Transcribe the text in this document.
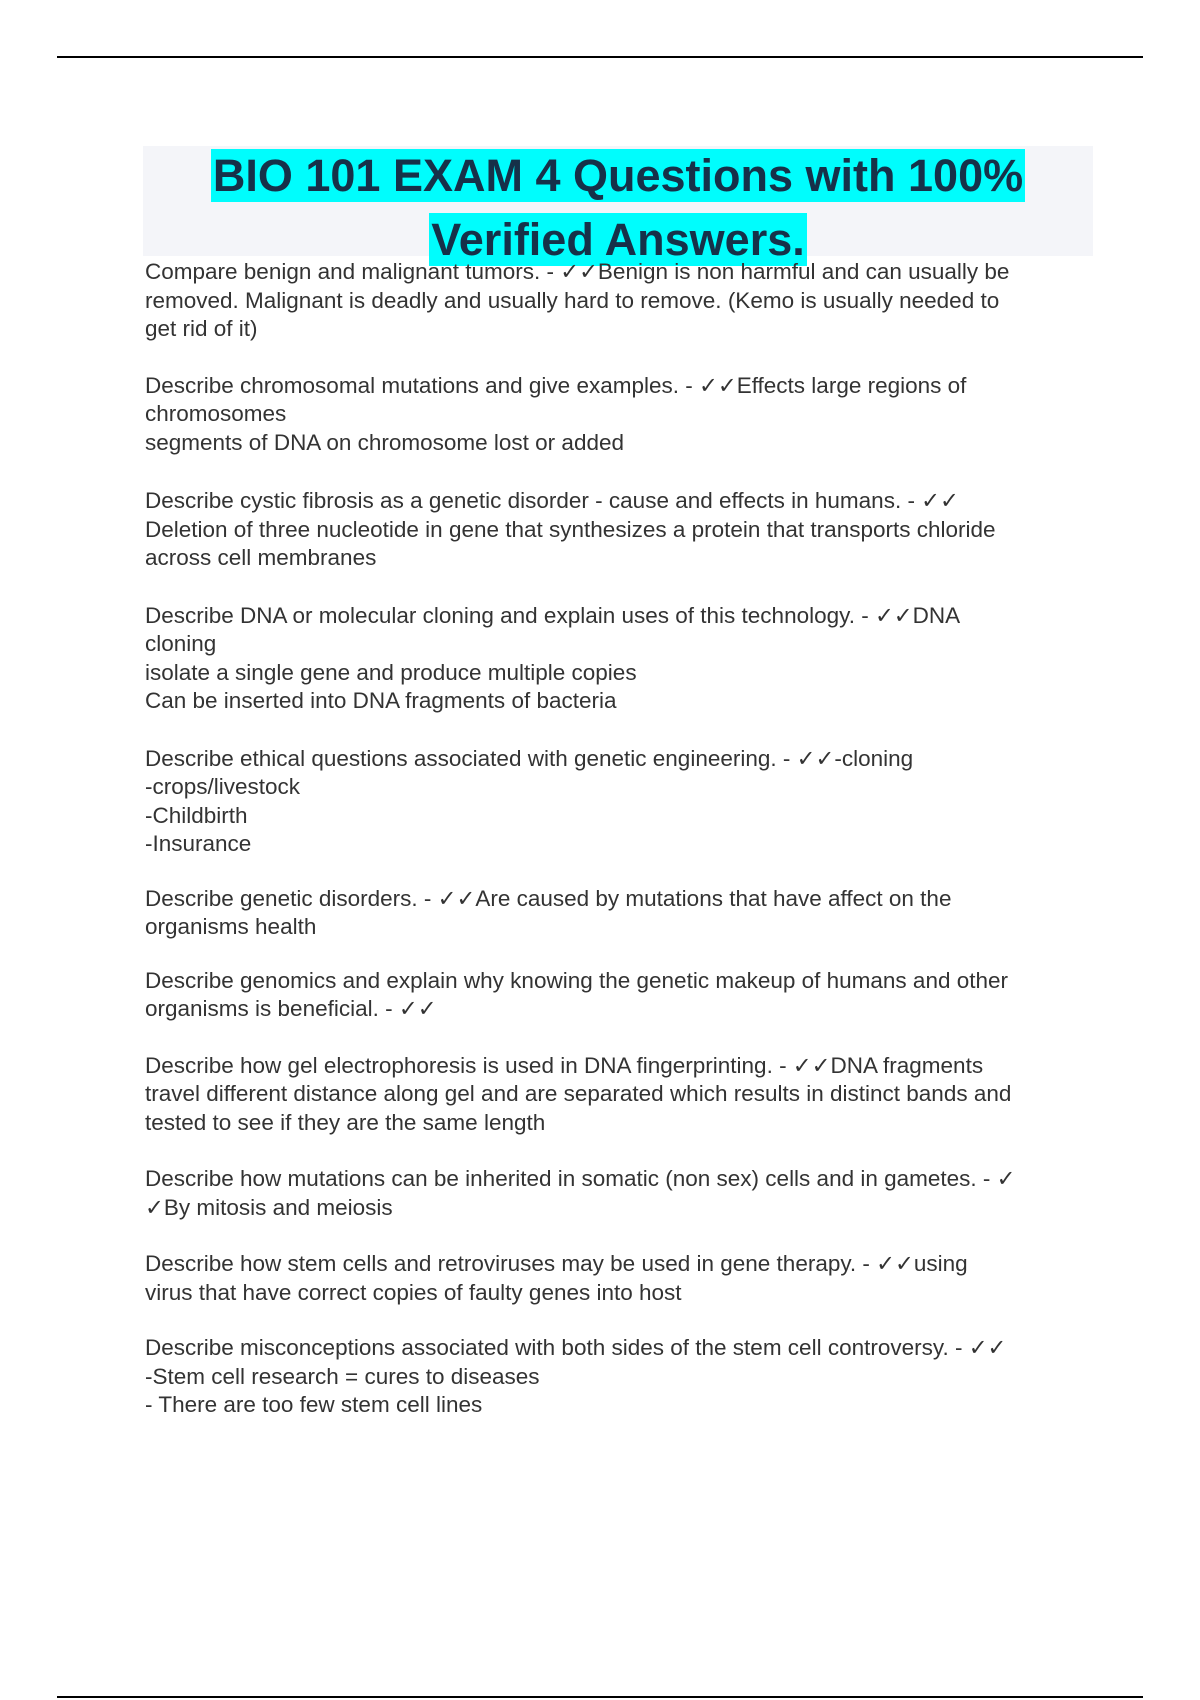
BIO 101 EXAM 4 Questions with 100%
Verified Answers.

Compare benign and malignant tumors. - ✓✓Benign is non harmful and can usually be
removed. Malignant is deadly and usually hard to remove. (Kemo is usually needed to
get rid of it)

Describe chromosomal mutations and give examples. - ✓✓Effects large regions of
chromosomes
segments of DNA on chromosome lost or added

Describe cystic fibrosis as a genetic disorder - cause and effects in humans. - ✓✓
Deletion of three nucleotide in gene that synthesizes a protein that transports chloride
across cell membranes

Describe DNA or molecular cloning and explain uses of this technology. - ✓✓DNA
cloning
isolate a single gene and produce multiple copies
Can be inserted into DNA fragments of bacteria

Describe ethical questions associated with genetic engineering. - ✓✓-cloning
-crops/livestock
-Childbirth
-Insurance

Describe genetic disorders. - ✓✓Are caused by mutations that have affect on the
organisms health

Describe genomics and explain why knowing the genetic makeup of humans and other
organisms is beneficial. - ✓✓

Describe how gel electrophoresis is used in DNA fingerprinting. - ✓✓DNA fragments
travel different distance along gel and are separated which results in distinct bands and
tested to see if they are the same length

Describe how mutations can be inherited in somatic (non sex) cells and in gametes. - ✓
✓By mitosis and meiosis

Describe how stem cells and retroviruses may be used in gene therapy. - ✓✓using
virus that have correct copies of faulty genes into host

Describe misconceptions associated with both sides of the stem cell controversy. - ✓✓
-Stem cell research = cures to diseases
- There are too few stem cell lines
